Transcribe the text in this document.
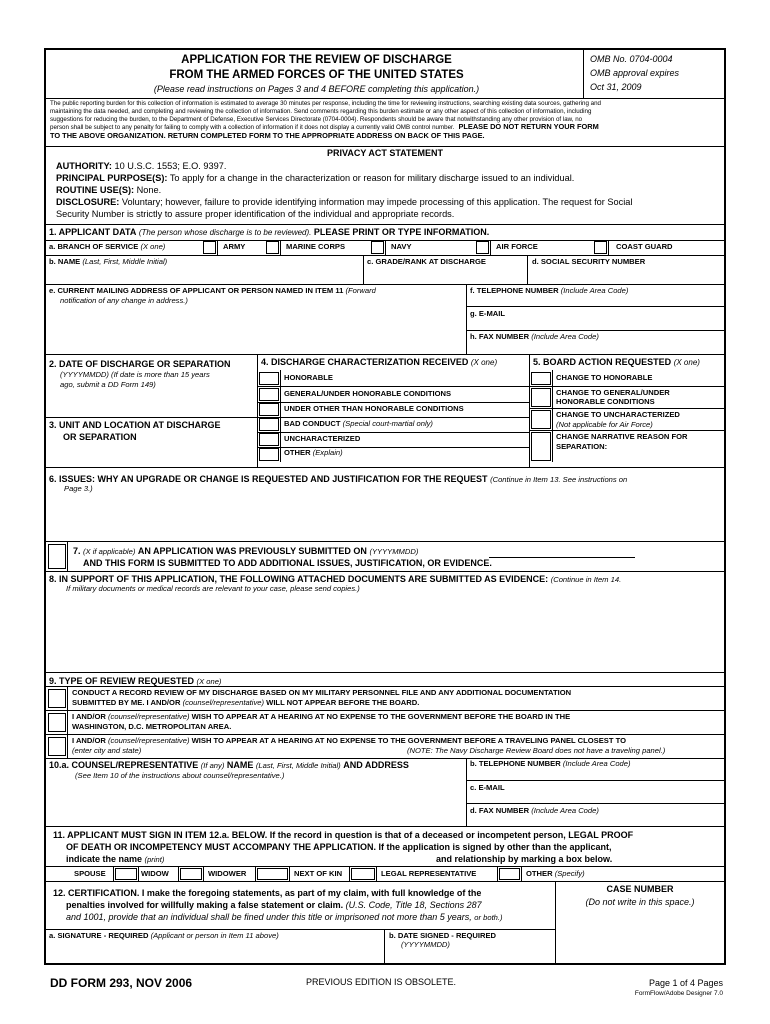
APPLICATION FOR THE REVIEW OF DISCHARGE
FROM THE ARMED FORCES OF THE UNITED STATES
(Please read instructions on Pages 3 and 4 BEFORE completing this application.)
OMB No. 0704-0004
OMB approval expires
Oct 31, 2009
The public reporting burden for this collection of information is estimated to average 30 minutes per response, including the time for reviewing instructions, searching existing data sources, gathering and
maintaining the data needed, and completing and reviewing the collection of information. Send comments regarding this burden estimate or any other aspect of this collection of information, including
suggestions for reducing the burden, to the Department of Defense, Executive Services Directorate (0704-0004). Respondents should be aware that notwithstanding any other provision of law, no
person shall be subject to any penalty for failing to comply with a collection of information if it does not display a currently valid OMB control number. PLEASE DO NOT RETURN YOUR FORM
TO THE ABOVE ORGANIZATION. RETURN COMPLETED FORM TO THE APPROPRIATE ADDRESS ON BACK OF THIS PAGE.
PRIVACY ACT STATEMENT
AUTHORITY: 10 U.S.C. 1553; E.O. 9397.
PRINCIPAL PURPOSE(S): To apply for a change in the characterization or reason for military discharge issued to an individual.
ROUTINE USE(S): None.
DISCLOSURE: Voluntary; however, failure to provide identifying information may impede processing of this application. The request for Social
Security Number is strictly to assure proper identification of the individual and appropriate records.
1. APPLICANT DATA (The person whose discharge is to be reviewed). PLEASE PRINT OR TYPE INFORMATION.
a. BRANCH OF SERVICE (X one)	ARMY	MARINE CORPS	NAVY	AIR FORCE	COAST GUARD
b. NAME (Last, First, Middle Initial)	c. GRADE/RANK AT DISCHARGE	d. SOCIAL SECURITY NUMBER
e. CURRENT MAILING ADDRESS OF APPLICANT OR PERSON NAMED IN ITEM 11 (Forward
notification of any change in address.)
f. TELEPHONE NUMBER (Include Area Code)
g. E-MAIL
h. FAX NUMBER (Include Area Code)
2. DATE OF DISCHARGE OR SEPARATION
(YYYYMMDD) (If date is more than 15 years
ago, submit a DD Form 149)
3. UNIT AND LOCATION AT DISCHARGE
OR SEPARATION
4. DISCHARGE CHARACTERIZATION RECEIVED (X one)
HONORABLE
GENERAL/UNDER HONORABLE CONDITIONS
UNDER OTHER THAN HONORABLE CONDITIONS
BAD CONDUCT (Special court-martial only)
UNCHARACTERIZED
OTHER (Explain)
5. BOARD ACTION REQUESTED (X one)
CHANGE TO HONORABLE
CHANGE TO GENERAL/UNDER
HONORABLE CONDITIONS
CHANGE TO UNCHARACTERIZED
(Not applicable for Air Force)
CHANGE NARRATIVE REASON FOR
SEPARATION:
6. ISSUES: WHY AN UPGRADE OR CHANGE IS REQUESTED AND JUSTIFICATION FOR THE REQUEST (Continue in Item 13. See instructions on
Page 3.)
7. (X if applicable) AN APPLICATION WAS PREVIOUSLY SUBMITTED ON (YYYYMMDD)
AND THIS FORM IS SUBMITTED TO ADD ADDITIONAL ISSUES, JUSTIFICATION, OR EVIDENCE.
8. IN SUPPORT OF THIS APPLICATION, THE FOLLOWING ATTACHED DOCUMENTS ARE SUBMITTED AS EVIDENCE: (Continue in Item 14.
If military documents or medical records are relevant to your case, please send copies.)
9. TYPE OF REVIEW REQUESTED (X one)
CONDUCT A RECORD REVIEW OF MY DISCHARGE BASED ON MY MILITARY PERSONNEL FILE AND ANY ADDITIONAL DOCUMENTATION
SUBMITTED BY ME. I AND/OR (counsel/representative) WILL NOT APPEAR BEFORE THE BOARD.
I AND/OR (counsel/representative) WISH TO APPEAR AT A HEARING AT NO EXPENSE TO THE GOVERNMENT BEFORE THE BOARD IN THE
WASHINGTON, D.C. METROPOLITAN AREA.
I AND/OR (counsel/representative) WISH TO APPEAR AT A HEARING AT NO EXPENSE TO THE GOVERNMENT BEFORE A TRAVELING PANEL CLOSEST TO
(enter city and state)	(NOTE: The Navy Discharge Review Board does not have a traveling panel.)
10.a. COUNSEL/REPRESENTATIVE (If any) NAME (Last, First, Middle Initial) AND ADDRESS
(See Item 10 of the instructions about counsel/representative.)
b. TELEPHONE NUMBER (Include Area Code)
c. E-MAIL
d. FAX NUMBER (Include Area Code)
11. APPLICANT MUST SIGN IN ITEM 12.a. BELOW. If the record in question is that of a deceased or incompetent person, LEGAL PROOF
OF DEATH OR INCOMPETENCY MUST ACCOMPANY THE APPLICATION. If the application is signed by other than the applicant,
indicate the name (print)	and relationship by marking a box below.
SPOUSE	WIDOW	WIDOWER	NEXT OF KIN	LEGAL REPRESENTATIVE	OTHER (Specify)
12. CERTIFICATION. I make the foregoing statements, as part of my claim, with full knowledge of the
penalties involved for willfully making a false statement or claim. (U.S. Code, Title 18, Sections 287
and 1001, provide that an individual shall be fined under this title or imprisoned not more than 5 years, or both.)
CASE NUMBER
(Do not write in this space.)
a. SIGNATURE - REQUIRED (Applicant or person in Item 11 above)	b. DATE SIGNED - REQUIRED
(YYYYMMDD)
DD FORM 293, NOV 2006	PREVIOUS EDITION IS OBSOLETE.	Page 1 of 4 Pages
FormFlow/Adobe Designer 7.0
